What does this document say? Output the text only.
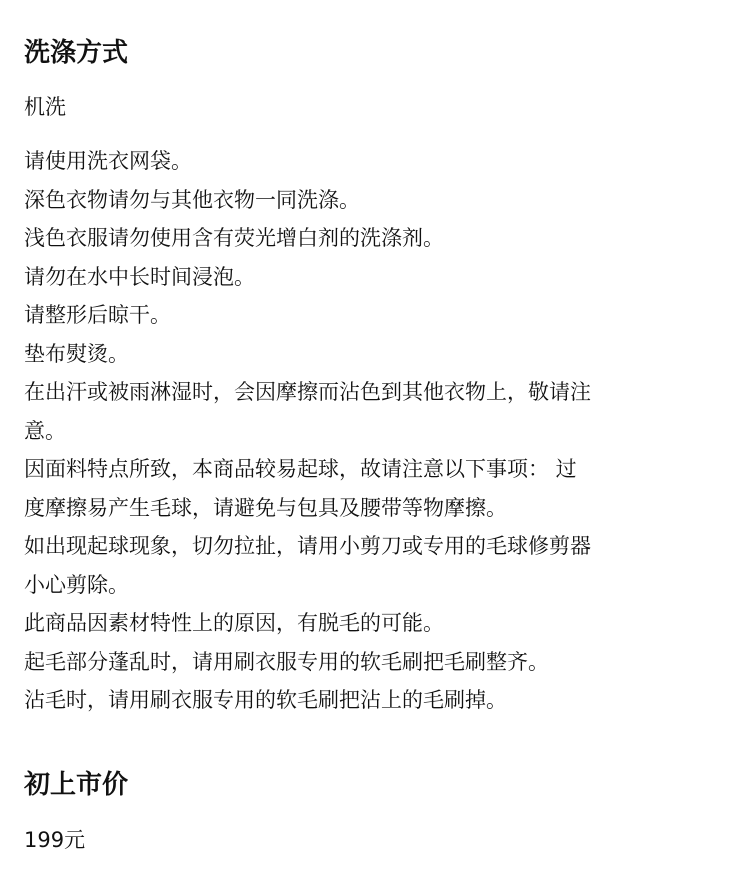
洗涤方式

机洗

请使用洗衣网袋。
深色衣物请勿与其他衣物一同洗涤。
浅色衣服请勿使用含有荧光增白剂的洗涤剂。
请勿在水中长时间浸泡。
请整形后晾干。
垫布熨烫。
在出汗或被雨淋湿时，会因摩擦而沾色到其他衣物上，敬请注
意。
因面料特点所致，本商品较易起球，故请注意以下事项： 过
度摩擦易产生毛球，请避免与包具及腰带等物摩擦。
如出现起球现象，切勿拉扯，请用小剪刀或专用的毛球修剪器
小心剪除。
此商品因素材特性上的原因，有脱毛的可能。
起毛部分蓬乱时，请用刷衣服专用的软毛刷把毛刷整齐。
沾毛时，请用刷衣服专用的软毛刷把沾上的毛刷掉。
初上市价

199元
